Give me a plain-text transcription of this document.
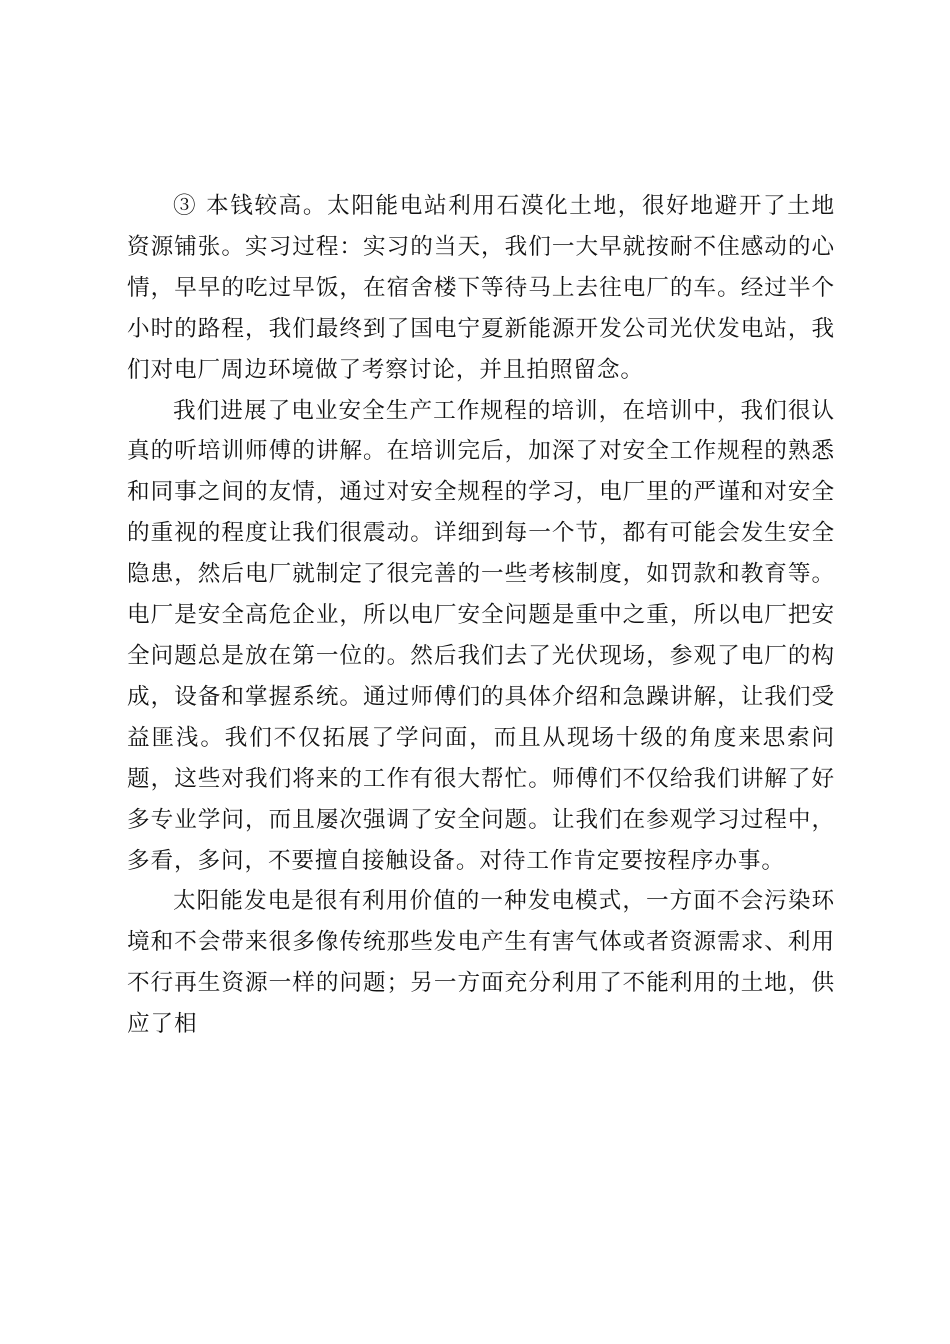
③ 本钱较高。太阳能电站利用石漠化土地，很好地避开了土地资源铺张。实习过程：实习的当天，我们一大早就按耐不住感动的心情，早早的吃过早饭，在宿舍楼下等待马上去往电厂的车。经过半个小时的路程，我们最终到了国电宁夏新能源开发公司光伏发电站，我们对电厂周边环境做了考察讨论，并且拍照留念。

我们进展了电业安全生产工作规程的培训，在培训中，我们很认真的听培训师傅的讲解。在培训完后，加深了对安全工作规程的熟悉和同事之间的友情，通过对安全规程的学习，电厂里的严谨和对安全的重视的程度让我们很震动。详细到每一个节，都有可能会发生安全隐患，然后电厂就制定了很完善的一些考核制度，如罚款和教育等。电厂是安全高危企业，所以电厂安全问题是重中之重，所以电厂把安全问题总是放在第一位的。然后我们去了光伏现场，参观了电厂的构成，设备和掌握系统。通过师傅们的具体介绍和急躁讲解，让我们受益匪浅。我们不仅拓展了学问面，而且从现场十级的角度来思索问题，这些对我们将来的工作有很大帮忙。师傅们不仅给我们讲解了好多专业学问，而且屡次强调了安全问题。让我们在参观学习过程中，多看，多问，不要擅自接触设备。对待工作肯定要按程序办事。

太阳能发电是很有利用价值的一种发电模式，一方面不会污染环境和不会带来很多像传统那些发电产生有害气体或者资源需求、利用不行再生资源一样的问题；另一方面充分利用了不能利用的土地，供应了相
